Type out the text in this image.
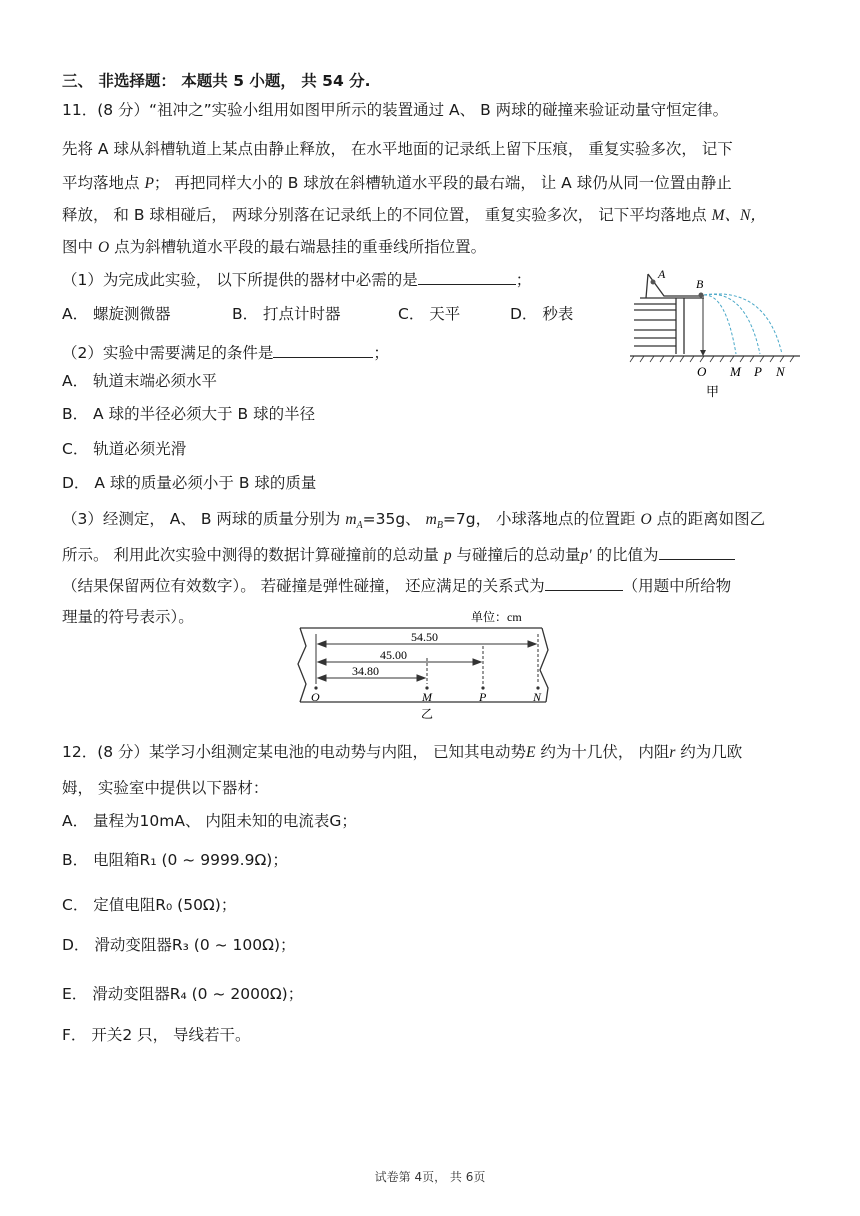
三、 非选择题： 本题共 5 小题， 共 54 分.
11．(8 分）“祖冲之”实验小组用如图甲所示的装置通过 A、 B 两球的碰撞来验证动量守恒定律。
先将 A 球从斜槽轨道上某点由静止释放， 在水平地面的记录纸上留下压痕， 重复实验多次， 记下
平均落地点 P； 再把同样大小的 B 球放在斜槽轨道水平段的最右端， 让 A 球仍从同一位置由静止
释放， 和 B 球相碰后， 两球分别落在记录纸上的不同位置， 重复实验多次， 记下平均落地点 M、N，
图中 O 点为斜槽轨道水平段的最右端悬挂的重垂线所指位置。
（1）为完成此实验， 以下所提供的器材中必需的是	；
A． 螺旋测微器	B． 打点计时器	C． 天平	D． 秒表
（2）实验中需要满足的条件是	；
A． 轨道末端必须水平
B． A 球的半径必须大于 B 球的半径
C． 轨道必须光滑
D． A 球的质量必须小于 B 球的质量
（3）经测定， A、 B 两球的质量分别为 $m_A=35g$、 $m_B=7g$， 小球落地点的位置距 O 点的距离如图乙
所示。 利用此次实验中测得的数据计算碰撞前的总动量 p 与碰撞后的总动量p' 的比值为
（结果保留两位有效数字）。 若碰撞是弹性碰撞， 还应满足的关系式为	（用题中所给物
理量的符号表示）。
A
B
O M P N
甲
单位：cm
54.50
45.00
34.80
O	M	P	N
乙
12．(8 分）某学习小组测定某电池的电动势与内阻， 已知其电动势E 约为十几伏， 内阻r 约为几欧
姆， 实验室中提供以下器材：
A． 量程为10mA、 内阻未知的电流表G；
B． 电阻箱R₁ (0 ~ 9999.9Ω)；
C． 定值电阻R₀ (50Ω)；
D． 滑动变阻器R₃ (0 ~ 100Ω)；
E． 滑动变阻器R₄ (0 ~ 2000Ω)；
F． 开关2 只， 导线若干。
试卷第 4页， 共 6页
